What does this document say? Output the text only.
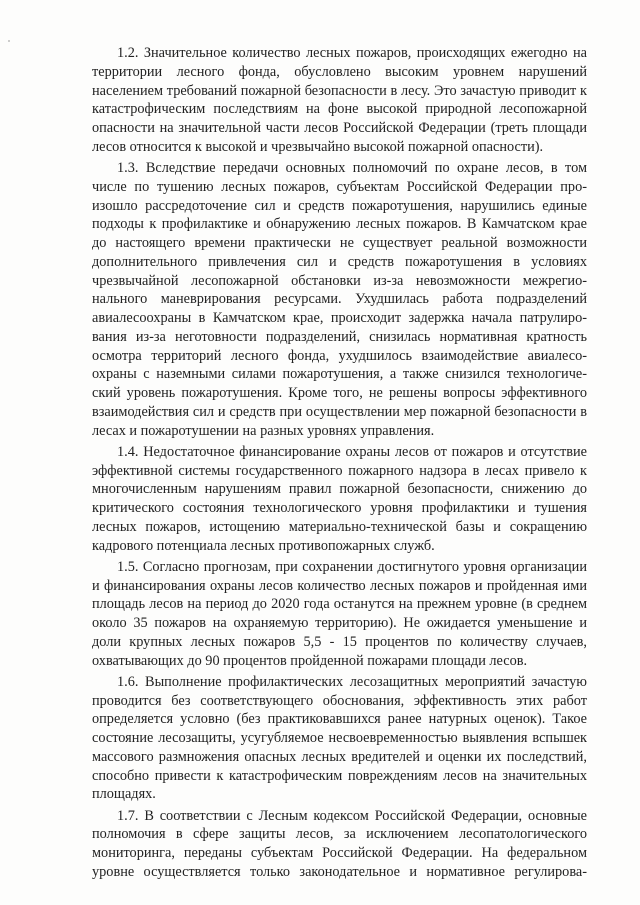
1.2. Значительное количество лесных пожаров, происходящих ежегодно на территории лесного фонда, обусловлено высоким уровнем нарушений населением требований пожарной безопасности в лесу. Это зачастую приводит к катастрофическим последствиям на фоне высокой природной лесопожарной опасности на значительной части лесов Российской Федерации (треть площади лесов относится к высокой и чрезвычайно высокой пожарной опасности).

1.3. Вследствие передачи основных полномочий по охране лесов, в том числе по тушению лесных пожаров, субъектам Российской Федерации произошло рассредоточение сил и средств пожаротушения, нарушились единые подходы к профилактике и обнаружению лесных пожаров. В Камчатском крае до настоящего времени практически не существует реальной возможности дополнительного привлечения сил и средств пожаротушения в условиях чрезвычайной лесопожарной обстановки из-за невозможности межрегионального маневрирования ресурсами. Ухудшилась работа подразделений авиалесоохраны в Камчатском крае, происходит задержка начала патрулирования из-за неготовности подразделений, снизилась нормативная кратность осмотра территорий лесного фонда, ухудшилось взаимодействие авиалесоохраны с наземными силами пожаротушения, а также снизился технологический уровень пожаротушения. Кроме того, не решены вопросы эффективного взаимодействия сил и средств при осуществлении мер пожарной безопасности в лесах и пожаротушении на разных уровнях управления.

1.4. Недостаточное финансирование охраны лесов от пожаров и отсутствие эффективной системы государственного пожарного надзора в лесах привело к многочисленным нарушениям правил пожарной безопасности, снижению до критического состояния технологического уровня профилактики и тушения лесных пожаров, истощению материально-технической базы и сокращению кадрового потенциала лесных противопожарных служб.

1.5. Согласно прогнозам, при сохранении достигнутого уровня организации и финансирования охраны лесов количество лесных пожаров и пройденная ими площадь лесов на период до 2020 года останутся на прежнем уровне (в среднем около 35 пожаров на охраняемую территорию). Не ожидается уменьшение и доли крупных лесных пожаров 5,5 - 15 процентов по количеству случаев, охватывающих до 90 процентов пройденной пожарами площади лесов.

1.6. Выполнение профилактических лесозащитных мероприятий зачастую проводится без соответствующего обоснования, эффективность этих работ определяется условно (без практиковавшихся ранее натурных оценок). Такое состояние лесозащиты, усугубляемое несвоевременностью выявления вспышек массового размножения опасных лесных вредителей и оценки их последствий, способно привести к катастрофическим повреждениям лесов на значительных площадях.

1.7. В соответствии с Лесным кодексом Российской Федерации, основные полномочия в сфере защиты лесов, за исключением лесопатологического мониторинга, переданы субъектам Российской Федерации. На федеральном уровне осуществляется только законодательное и нормативное регулирова-
